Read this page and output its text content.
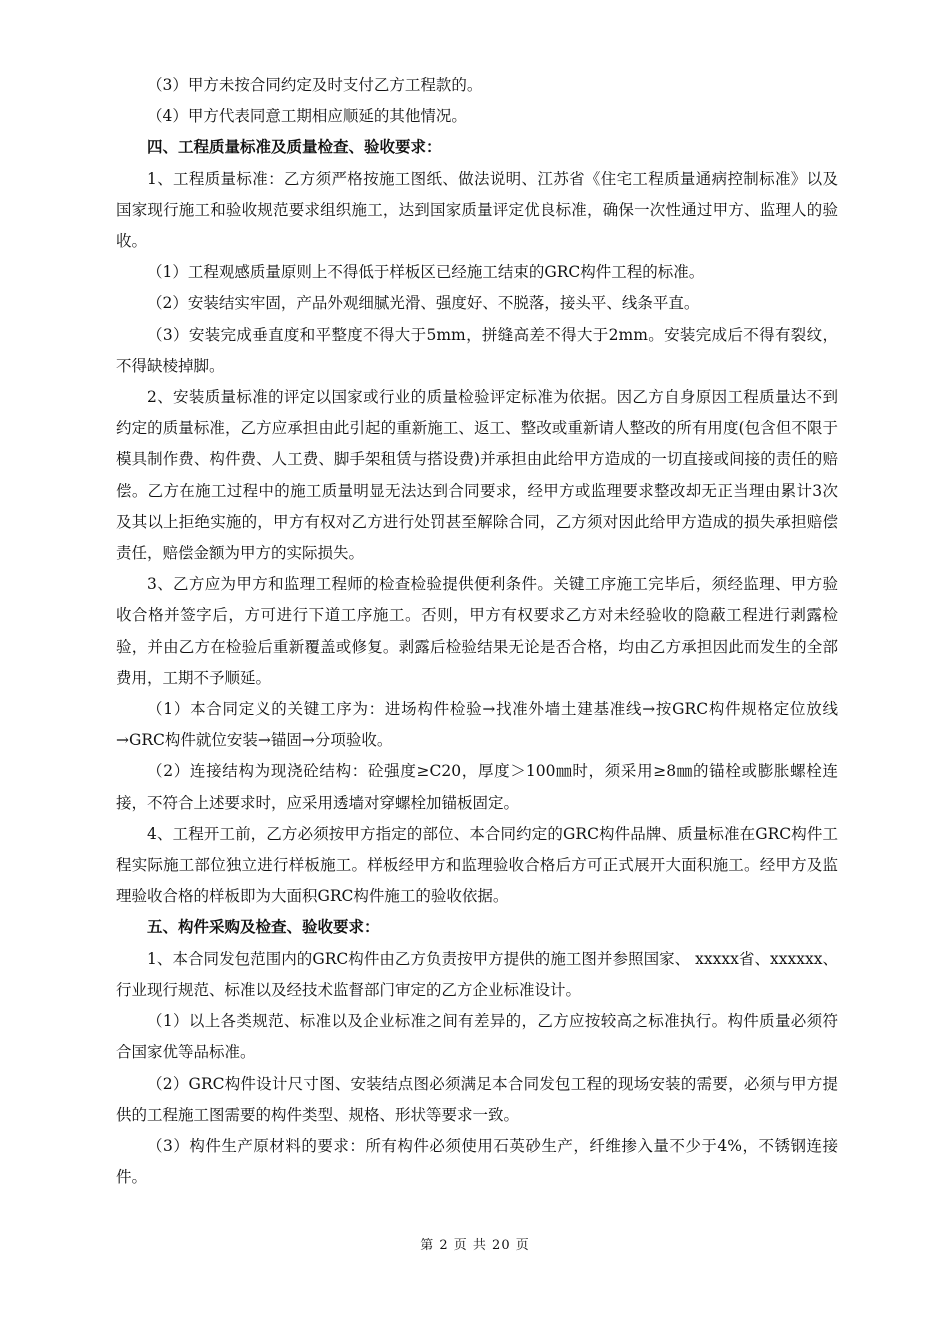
（3）甲方未按合同约定及时支付乙方工程款的。

（4）甲方代表同意工期相应顺延的其他情况。

四、工程质量标准及质量检查、验收要求：

1、工程质量标准：乙方须严格按施工图纸、做法说明、江苏省《住宅工程质量通病控制标准》以及国家现行施工和验收规范要求组织施工，达到国家质量评定优良标准，确保一次性通过甲方、监理人的验收。

（1）工程观感质量原则上不得低于样板区已经施工结束的GRC构件工程的标准。

（2）安装结实牢固，产品外观细腻光滑、强度好、不脱落，接头平、线条平直。

（3）安装完成垂直度和平整度不得大于5mm，拼缝高差不得大于2mm。安装完成后不得有裂纹，不得缺棱掉脚。

2、安装质量标准的评定以国家或行业的质量检验评定标准为依据。因乙方自身原因工程质量达不到约定的质量标准，乙方应承担由此引起的重新施工、返工、整改或重新请人整改的所有用度(包含但不限于模具制作费、构件费、人工费、脚手架租赁与搭设费)并承担由此给甲方造成的一切直接或间接的责任的赔偿。乙方在施工过程中的施工质量明显无法达到合同要求，经甲方或监理要求整改却无正当理由累计3次及其以上拒绝实施的，甲方有权对乙方进行处罚甚至解除合同，乙方须对因此给甲方造成的损失承担赔偿责任，赔偿金额为甲方的实际损失。

3、乙方应为甲方和监理工程师的检查检验提供便利条件。关键工序施工完毕后，须经监理、甲方验收合格并签字后，方可进行下道工序施工。否则，甲方有权要求乙方对未经验收的隐蔽工程进行剥露检验，并由乙方在检验后重新覆盖或修复。剥露后检验结果无论是否合格，均由乙方承担因此而发生的全部费用，工期不予顺延。

（1）本合同定义的关键工序为：进场构件检验→找准外墙土建基准线→按GRC构件规格定位放线→GRC构件就位安装→锚固→分项验收。

（2）连接结构为现浇砼结构：砼强度≥C20，厚度＞100㎜时，须采用≥8㎜的锚栓或膨胀螺栓连接，不符合上述要求时，应采用透墙对穿螺栓加锚板固定。

4、工程开工前，乙方必须按甲方指定的部位、本合同约定的GRC构件品牌、质量标准在GRC构件工程实际施工部位独立进行样板施工。样板经甲方和监理验收合格后方可正式展开大面积施工。经甲方及监理验收合格的样板即为大面积GRC构件施工的验收依据。

五、构件采购及检查、验收要求：

1、本合同发包范围内的GRC构件由乙方负责按甲方提供的施工图并参照国家、 xxxxx省、xxxxxx、行业现行规范、标准以及经技术监督部门审定的乙方企业标准设计。

（1）以上各类规范、标准以及企业标准之间有差异的，乙方应按较高之标准执行。构件质量必须符合国家优等品标准。

（2）GRC构件设计尺寸图、安装结点图必须满足本合同发包工程的现场安装的需要，必须与甲方提供的工程施工图需要的构件类型、规格、形状等要求一致。

（3）构件生产原材料的要求：所有构件必须使用石英砂生产，纤维掺入量不少于4%，不锈钢连接件。

第 2 页 共 20 页
